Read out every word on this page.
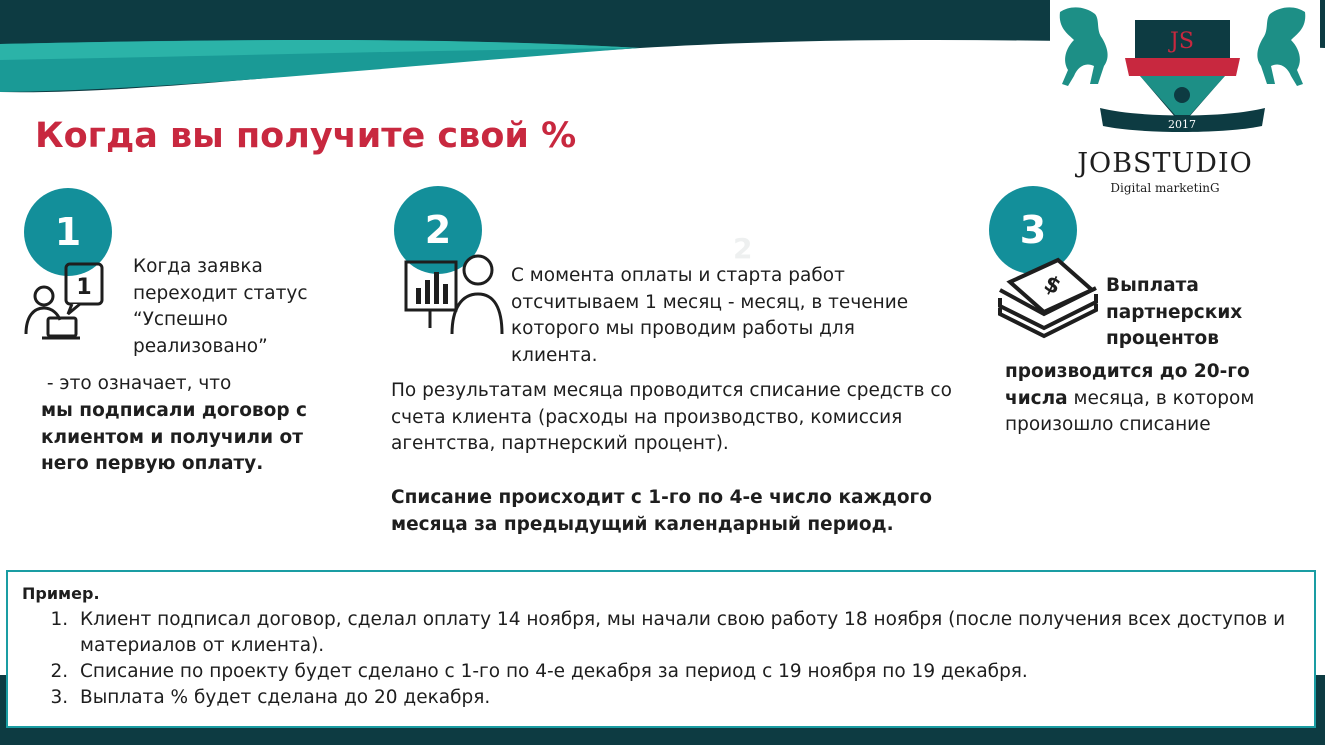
JS
2017
JOBSTUDIO
Digital marketinG
Когда вы получите свой %
2
1
1

Когда заявка переходит статус “Успешно реализовано”

- это означает, что

мы подписали договор с клиентом и получили от него первую оплату.

2

С момента оплаты и старта работ отсчитываем 1 месяц - месяц, в течение которого мы проводим работы для клиента.

По результатам месяца проводится списание средств со счета клиента (расходы на производство, комиссия агентства, партнерский процент).

Списание происходит с 1-го по 4-е число каждого месяца за предыдущий календарный период.

3
$ Выплата партнерских процентов

производится до 20-го числа месяца, в котором произошло списание

Пример.

1. Клиент подписал договор, сделал оплату 14 ноября, мы начали свою работу 18 ноября (после получения всех доступов и материалов от клиента).
2. Списание по проекту будет сделано с 1-го по 4-е декабря за период с 19 ноября по 19 декабря.
3. Выплата % будет сделана до 20 декабря.
